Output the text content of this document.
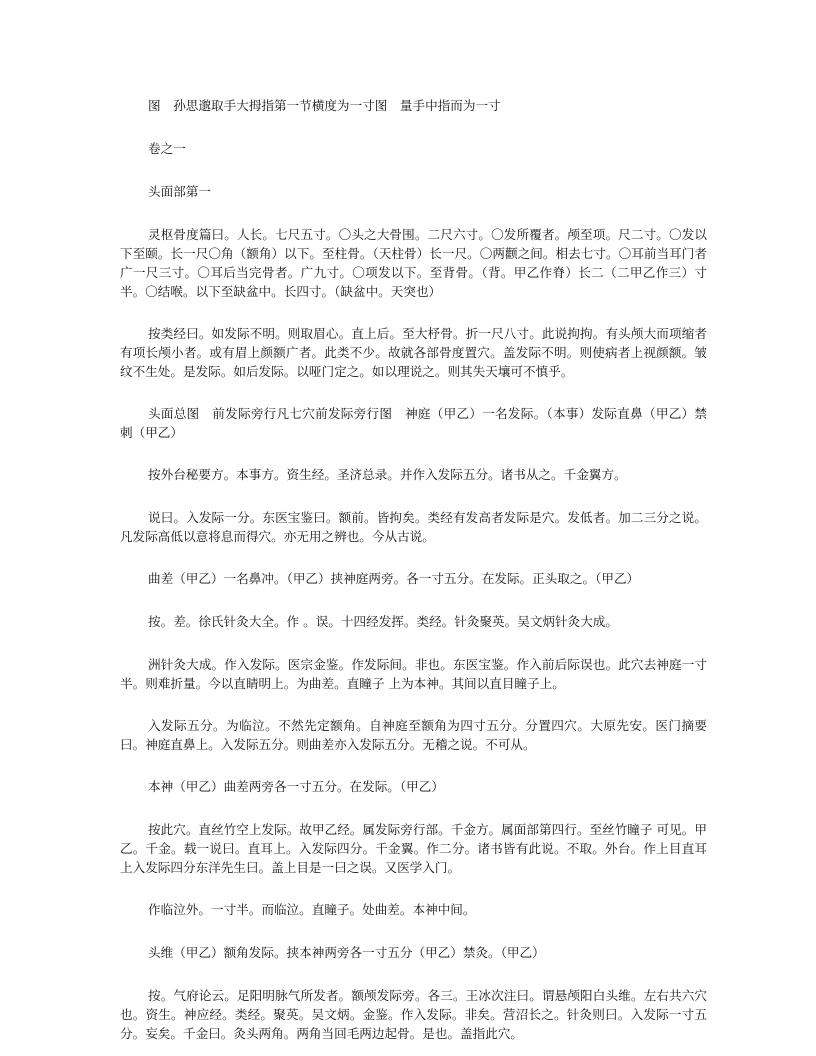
图　孙思邈取手大拇指第一节横度为一寸图　量手中指而为一寸

卷之一

头面部第一

灵枢骨度篇曰。人长。七尺五寸。〇头之大骨围。二尺六寸。〇发所覆者。颅至项。尺二寸。〇发以下至颐。长一尺〇角（额角）以下。至柱骨。（天柱骨）长一尺。〇两颧之间。相去七寸。〇耳前当耳门者广一尺三寸。〇耳后当完骨者。广九寸。〇项发以下。至背骨。（背。甲乙作脊）长二（二甲乙作三）寸半。〇结喉。以下至缺盆中。长四寸。（缺盆中。天突也）

按类经曰。如发际不明。则取眉心。直上后。至大杼骨。折一尺八寸。此说拘拘。有头颅大而项缩者有项长颅小者。或有眉上颜额广者。此类不少。故就各部骨度置穴。盖发际不明。则使病者上视颜额。皱纹不生处。是发际。如后发际。以哑门定之。如以理说之。则其失天壤可不慎乎。

头面总图　前发际旁行凡七穴前发际旁行图　神庭（甲乙）一名发际。（本事）发际直鼻（甲乙）禁刺（甲乙）

按外台秘要方。本事方。资生经。圣济总录。并作入发际五分。诸书从之。千金翼方。

说曰。入发际一分。东医宝鉴曰。额前。皆拘矣。类经有发高者发际是穴。发低者。加二三分之说。凡发际高低以意将息而得穴。亦无用之辨也。今从古说。

曲差（甲乙）一名鼻冲。（甲乙）挟神庭两旁。各一寸五分。在发际。正头取之。（甲乙）

按。差。徐氏针灸大全。作 。误。十四经发挥。类经。针灸聚英。吴文炳针灸大成。

洲针灸大成。作入发际。医宗金鉴。作发际间。非也。东医宝鉴。作入前后际误也。此穴去神庭一寸半。则难折量。今以直睛明上。为曲差。直瞳子 上为本神。其间以直目瞳子上。

入发际五分。为临泣。不然先定额角。自神庭至额角为四寸五分。分置四穴。大原先安。医门摘要曰。神庭直鼻上。入发际五分。则曲差亦入发际五分。无稽之说。不可从。

本神（甲乙）曲差两旁各一寸五分。在发际。（甲乙）

按此穴。直丝竹空上发际。故甲乙经。属发际旁行部。千金方。属面部第四行。至丝竹瞳子 可见。甲乙。千金。载一说曰。直耳上。入发际四分。千金翼。作二分。诸书皆有此说。不取。外台。作上目直耳上入发际四分东洋先生曰。盖上目是一曰之误。又医学入门。

作临泣外。一寸半。而临泣。直瞳子。处曲差。本神中间。

头维（甲乙）额角发际。挟本神两旁各一寸五分（甲乙）禁灸。（甲乙）

按。气府论云。足阳明脉气所发者。额颅发际旁。各三。王冰次注曰。谓悬颅阳白头维。左右共六穴也。资生。神应经。类经。聚英。吴文炳。金鉴。作入发际。非矣。营沼长之。针灸则曰。入发际一寸五分。妄矣。千金曰。灸头两角。两角当回毛两边起骨。是也。盖指此穴。
